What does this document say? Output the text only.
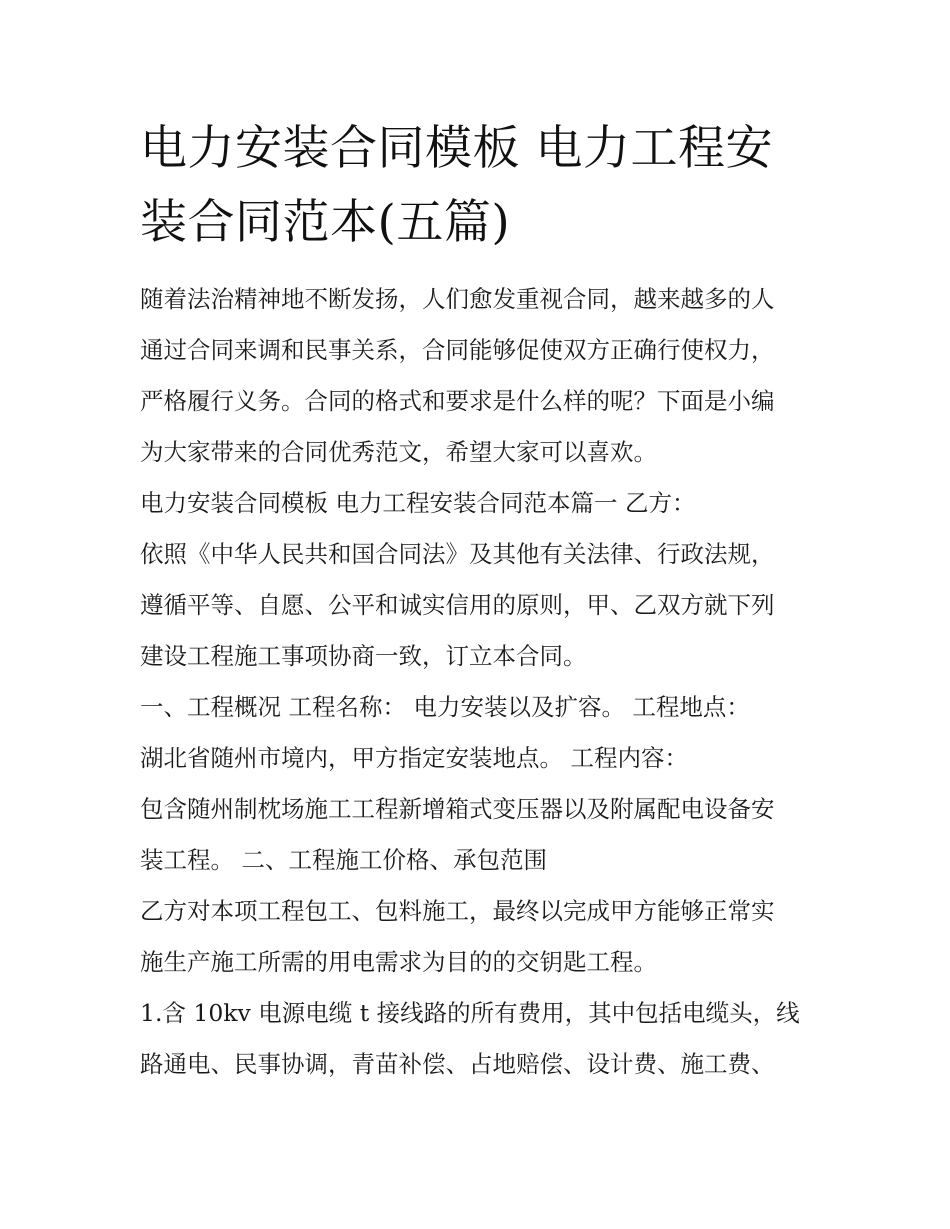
电力安装合同模板 电力工程安
装合同范本(五篇)
随着法治精神地不断发扬，人们愈发重视合同，越来越多的人
通过合同来调和民事关系，合同能够促使双方正确行使权力，
严格履行义务。合同的格式和要求是什么样的呢？下面是小编
为大家带来的合同优秀范文，希望大家可以喜欢。
电力安装合同模板 电力工程安装合同范本篇一 乙方：
依照《中华人民共和国合同法》及其他有关法律、行政法规，
遵循平等、自愿、公平和诚实信用的原则，甲、乙双方就下列
建设工程施工事项协商一致，订立本合同。
一、工程概况 工程名称： 电力安装以及扩容。 工程地点：
湖北省随州市境内，甲方指定安装地点。 工程内容：
包含随州制枕场施工工程新增箱式变压器以及附属配电设备安
装工程。 二、工程施工价格、承包范围
乙方对本项工程包工、包料施工，最终以完成甲方能够正常实
施生产施工所需的用电需求为目的的交钥匙工程。
1.含 10kv 电源电缆 t 接线路的所有费用，其中包括电缆头，线
路通电、民事协调，青苗补偿、占地赔偿、设计费、施工费、
